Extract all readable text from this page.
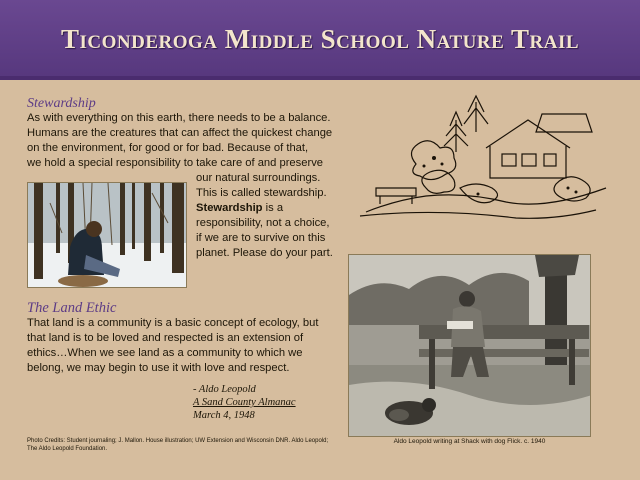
Ticonderoga Middle School Nature Trail
Stewardship
As with everything on this earth, there needs to be a balance.
Humans are the creatures that can affect the quickest change
on the environment, for good or for bad. Because of that,
we hold a special responsibility to take care of and preserve
our natural surroundings.
This is called stewardship.
Stewardship is a
responsibility, not a choice,
if we are to survive on this
planet. Please do your part.
The Land Ethic
That land is a community is a basic concept of ecology, but
that land is to be loved and respected is an extension of
ethics…When we see land as a community to which we
belong, we may begin to use it with love and respect.
- Aldo Leopold
A Sand County Almanac
March 4, 1948
Photo Credits: Student journaling; J. Mallon. House illustration; UW Extension and Wisconsin DNR. Aldo Leopold; The Aldo Leopold Foundation.
Aldo Leopold writing at Shack with dog Flick. c. 1940
